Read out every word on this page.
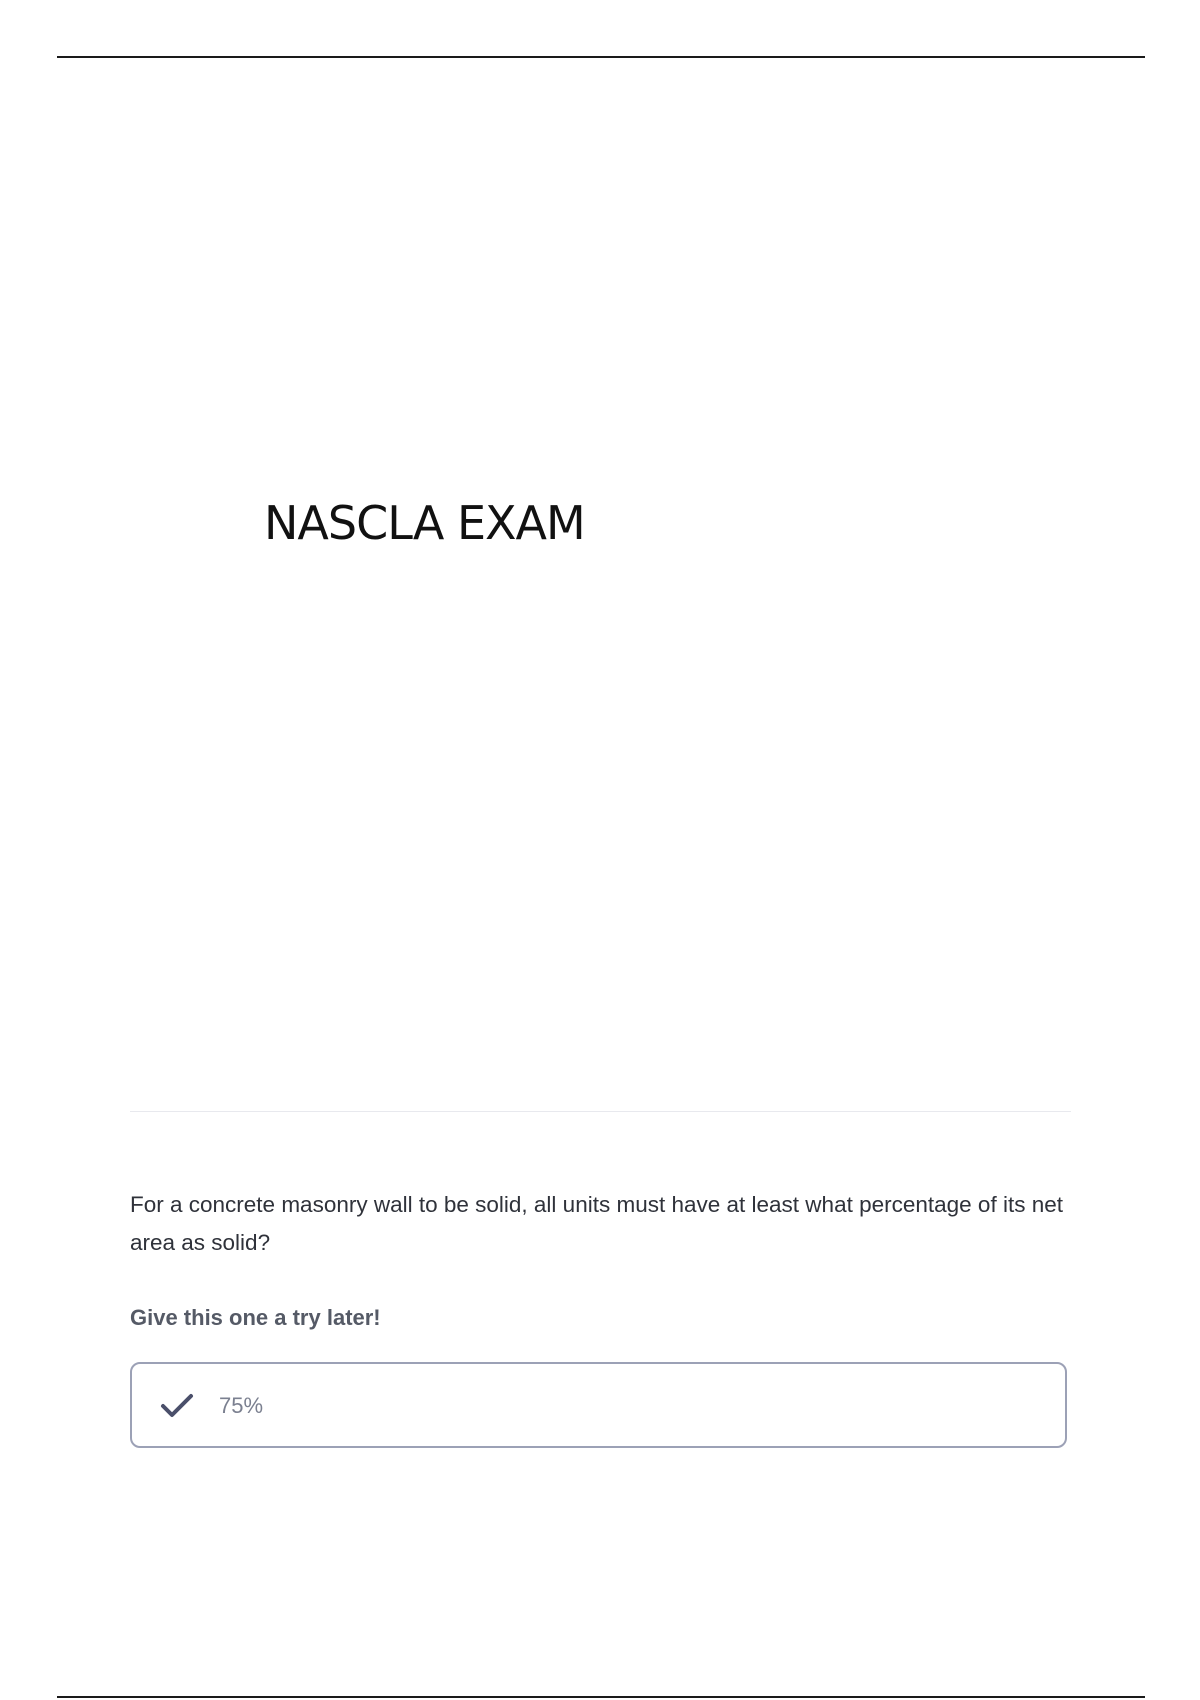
NASCLA EXAM
For a concrete masonry wall to be solid, all units must have at least what percentage of its net area as solid?
Give this one a try later!
75%
